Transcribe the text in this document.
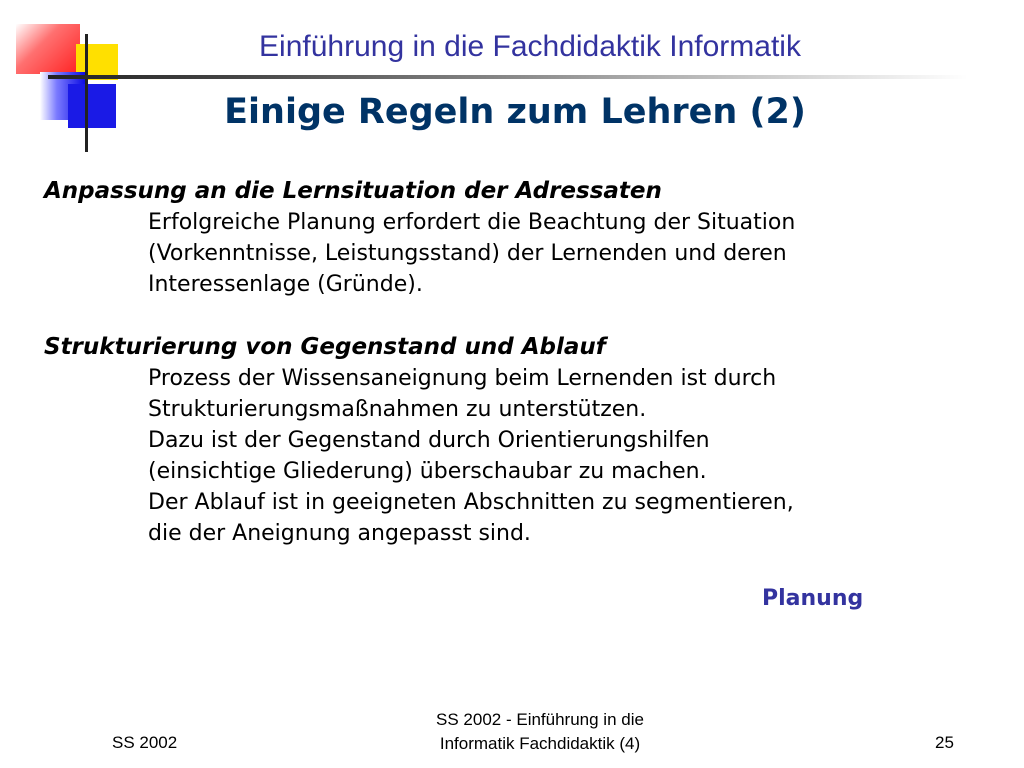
Einführung in die Fachdidaktik Informatik
Einige Regeln zum Lehren (2)

Anpassung an die Lernsituation der Adressaten

Erfolgreiche Planung erfordert die Beachtung der Situation
(Vorkenntnisse, Leistungsstand) der Lernenden und deren
Interessenlage (Gründe).

Strukturierung von Gegenstand und Ablauf

Prozess der Wissensaneignung beim Lernenden ist durch
Strukturierungsmaßnahmen zu unterstützen.
Dazu ist der Gegenstand durch Orientierungshilfen
(einsichtige Gliederung) überschaubar zu machen.
Der Ablauf ist in geeigneten Abschnitten zu segmentieren,
die der Aneignung angepasst sind.
Planung
SS 2002
SS 2002 - Einführung in die
Informatik Fachdidaktik (4)	25
